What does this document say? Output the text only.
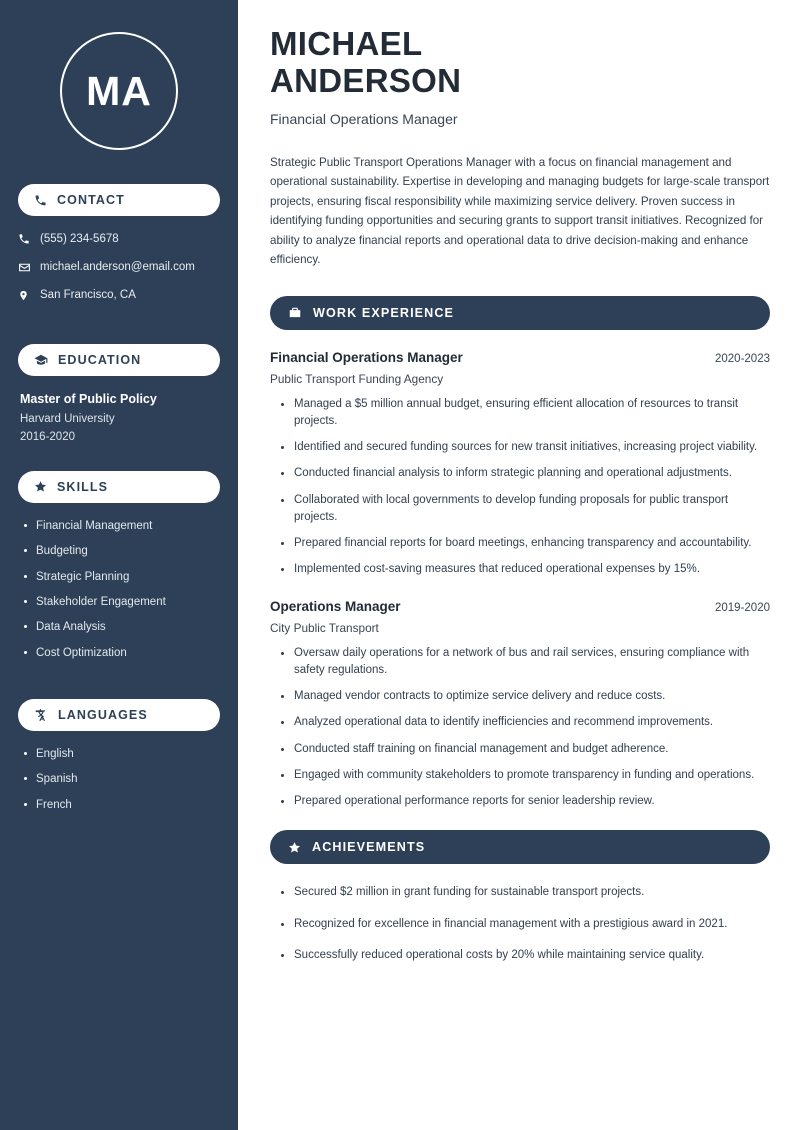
MA
CONTACT
(555) 234-5678
michael.anderson@email.com
San Francisco, CA
EDUCATION
Master of Public Policy
Harvard University
2016-2020
SKILLS
Financial Management
Budgeting
Strategic Planning
Stakeholder Engagement
Data Analysis
Cost Optimization
LANGUAGES
English
Spanish
French
MICHAEL
ANDERSON
Financial Operations Manager

Strategic Public Transport Operations Manager with a focus on financial management and operational sustainability. Expertise in developing and managing budgets for large-scale transport projects, ensuring fiscal responsibility while maximizing service delivery. Proven success in identifying funding opportunities and securing grants to support transit initiatives. Recognized for ability to analyze financial reports and operational data to drive decision-making and enhance efficiency.

WORK EXPERIENCE
Financial Operations Manager	2020-2023
Public Transport Funding Agency
Managed a $5 million annual budget, ensuring efficient allocation of resources to transit projects.
Identified and secured funding sources for new transit initiatives, increasing project viability.
Conducted financial analysis to inform strategic planning and operational adjustments.
Collaborated with local governments to develop funding proposals for public transport projects.
Prepared financial reports for board meetings, enhancing transparency and accountability.
Implemented cost-saving measures that reduced operational expenses by 15%.
Operations Manager	2019-2020
City Public Transport
Oversaw daily operations for a network of bus and rail services, ensuring compliance with safety regulations.
Managed vendor contracts to optimize service delivery and reduce costs.
Analyzed operational data to identify inefficiencies and recommend improvements.
Conducted staff training on financial management and budget adherence.
Engaged with community stakeholders to promote transparency in funding and operations.
Prepared operational performance reports for senior leadership review.
ACHIEVEMENTS
Secured $2 million in grant funding for sustainable transport projects.
Recognized for excellence in financial management with a prestigious award in 2021.
Successfully reduced operational costs by 20% while maintaining service quality.
